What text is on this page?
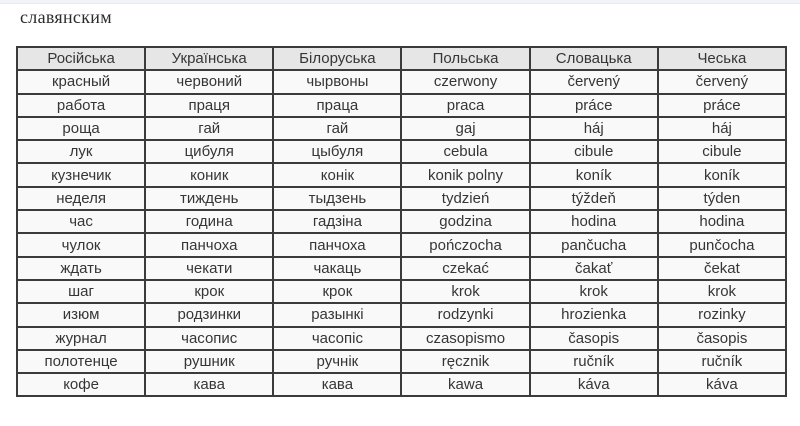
славянским
Російська	Українська	Білоруська	Польська	Словацька	Чеська
красный	червоний	чырвоны	czerwony	červený	červený
работа	праця	праца	praca	práce	práce
роща	гай	гай	gaj	háj	háj
лук	цибуля	цыбуля	cebula	cibule	cibule
кузнечик	коник	конік	konik polny	koník	koník
неделя	тиждень	тыдзень	tydzień	týždeň	týden
час	година	гадзіна	godzina	hodina	hodina
чулок	панчоха	панчоха	pończocha	pančucha	punčocha
ждать	чекати	чакаць	czekać	čakať	čekat
шаг	крок	крок	krok	krok	krok
изюм	родзинки	разынкі	rodzynki	hrozienka	rozinky
журнал	часопис	часопіс	czasopismo	časopis	časopis
полотенце	рушник	ручнік	ręcznik	ručník	ručník
кофе	кава	кава	kawa	káva	káva
